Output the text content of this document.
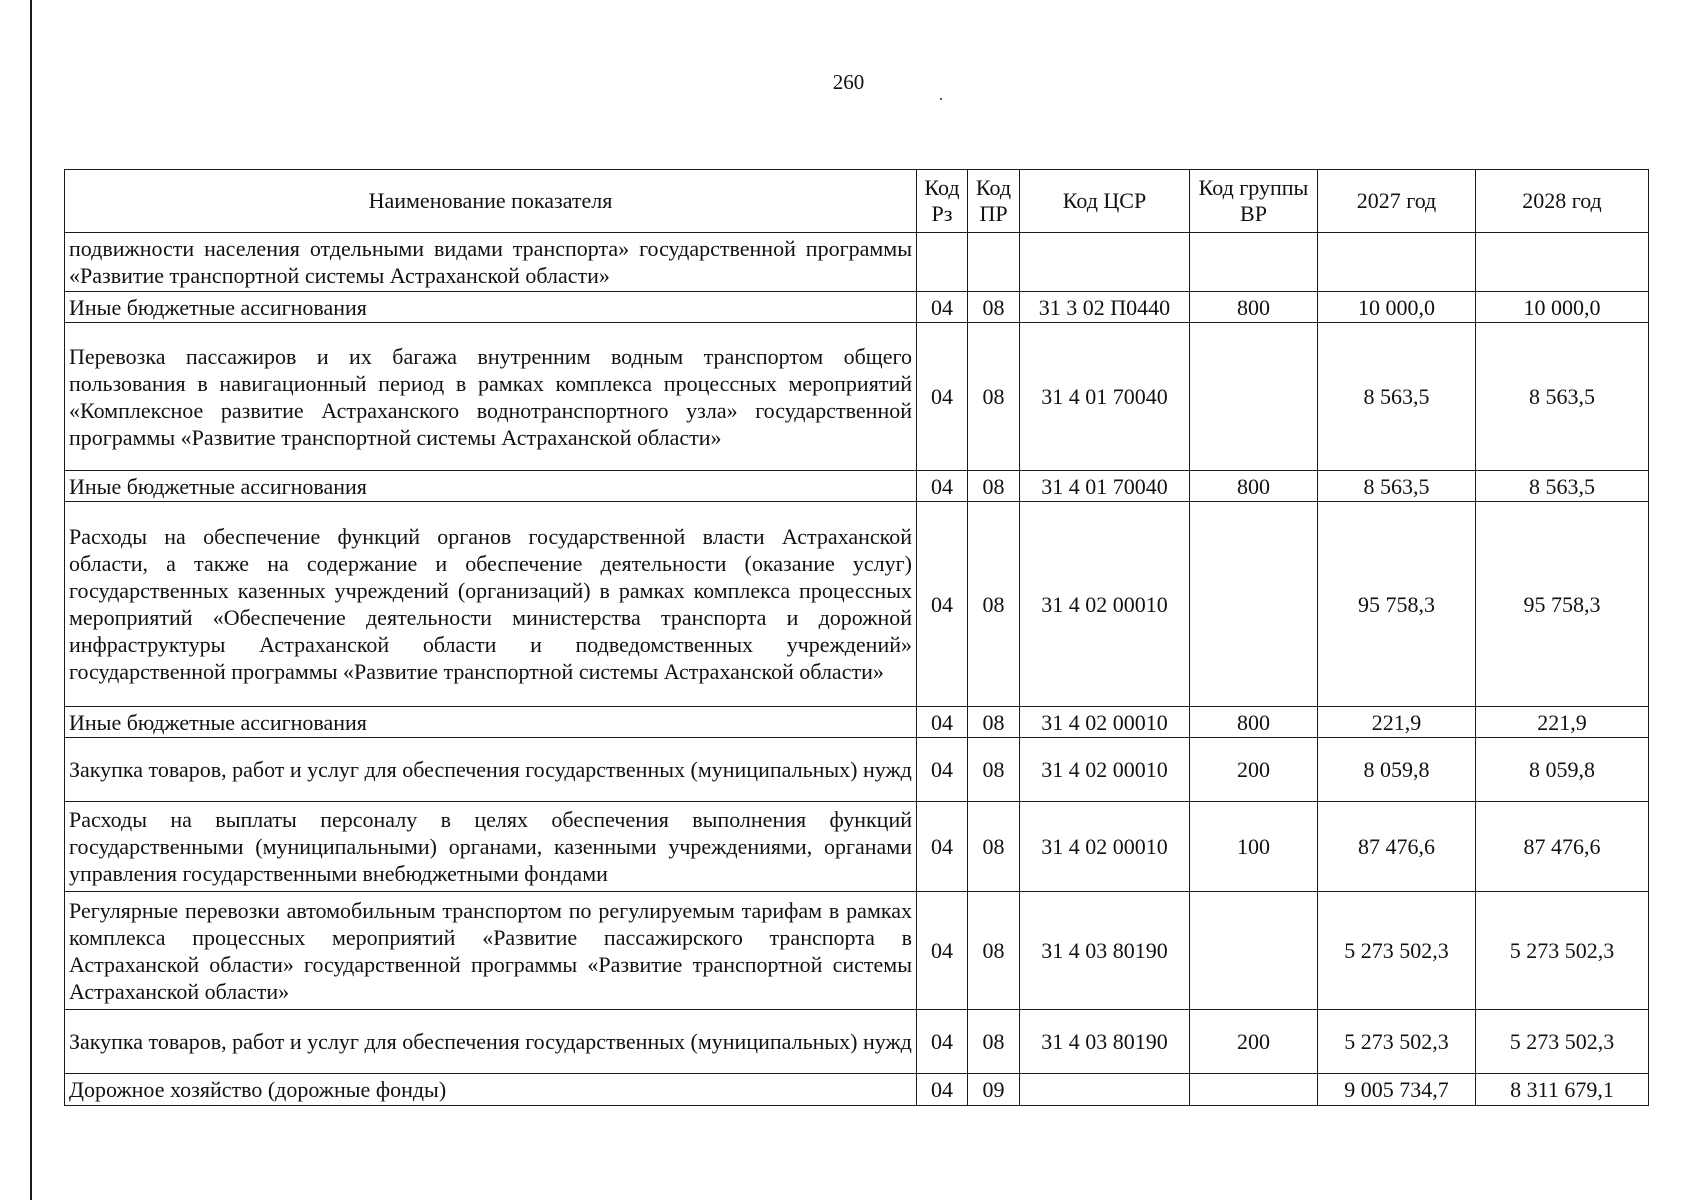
260
Наименование показателя	Код Рз	Код ПР	Код ЦСР	Код группы ВР	2027 год	2028 год
подвижности населения отдельными видами транспорта» государственной программы «Развитие транспортной системы Астраханской области»						
Иные бюджетные ассигнования	04	08	31 3 02 П0440	800	10 000,0	10 000,0
Перевозка пассажиров и их багажа внутренним водным транспортом общего пользования в навигационный период в рамках комплекса процессных мероприятий «Комплексное развитие Астраханского воднотранспортного узла» государственной программы «Развитие транспортной системы Астраханской области»	04	08	31 4 01 70040		8 563,5	8 563,5
Иные бюджетные ассигнования	04	08	31 4 01 70040	800	8 563,5	8 563,5
Расходы на обеспечение функций органов государственной власти Астраханской области, а также на содержание и обеспечение деятельности (оказание услуг) государственных казенных учреждений (организаций) в рамках комплекса процессных мероприятий «Обеспечение деятельности министерства транспорта и дорожной инфраструктуры Астраханской области и подведомственных учреждений» государственной программы «Развитие транспортной системы Астраханской области»	04	08	31 4 02 00010		95 758,3	95 758,3
Иные бюджетные ассигнования	04	08	31 4 02 00010	800	221,9	221,9
Закупка товаров, работ и услуг для обеспечения государственных (муниципальных) нужд	04	08	31 4 02 00010	200	8 059,8	8 059,8
Расходы на выплаты персоналу в целях обеспечения выполнения функций государственными (муниципальными) органами, казенными учреждениями, органами управления государственными внебюджетными фондами	04	08	31 4 02 00010	100	87 476,6	87 476,6
Регулярные перевозки автомобильным транспортом по регулируемым тарифам в рамках комплекса процессных мероприятий «Развитие пассажирского транспорта в Астраханской области» государственной программы «Развитие транспортной системы Астраханской области»	04	08	31 4 03 80190		5 273 502,3	5 273 502,3
Закупка товаров, работ и услуг для обеспечения государственных (муниципальных) нужд	04	08	31 4 03 80190	200	5 273 502,3	5 273 502,3
Дорожное хозяйство (дорожные фонды)	04	09			9 005 734,7	8 311 679,1
